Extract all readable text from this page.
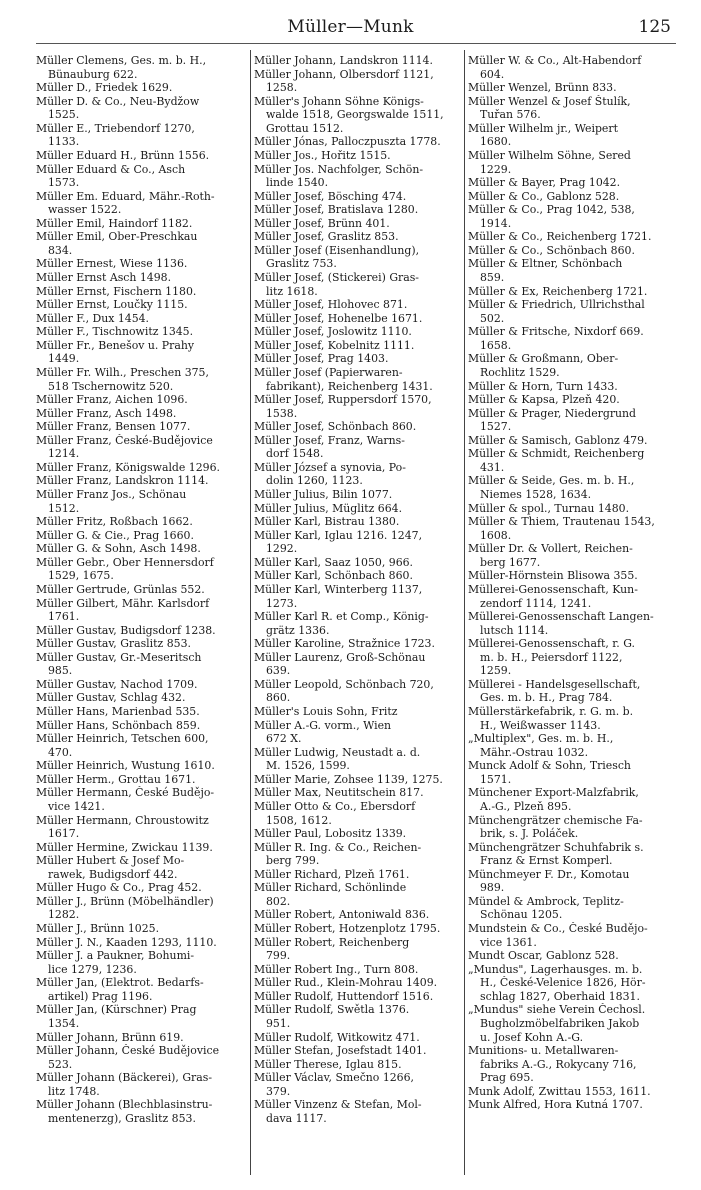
Müller—Munk	125
Müller Clemens, Ges. m. b. H.,
Bünauburg 622.
Müller D., Friedek 1629.
Müller D. & Co., Neu-Bydžow
1525.
Müller E., Triebendorf 1270,
1133.
Müller Eduard H., Brünn 1556.
Müller Eduard & Co., Asch
1573.
Müller Em. Eduard, Mähr.-Roth-
wasser 1522.
Müller Emil, Haindorf 1182.
Müller Emil, Ober-Preschkau
834.
Müller Ernest, Wiese 1136.
Müller Ernst Asch 1498.
Müller Ernst, Fischern 1180.
Müller Ernst, Loučky 1115.
Müller F., Dux 1454.
Müller F., Tischnowitz 1345.
Müller Fr., Benešov u. Prahy
1449.
Müller Fr. Wilh., Preschen 375,
518 Tschernowitz 520.
Müller Franz, Aichen 1096.
Müller Franz, Asch 1498.
Müller Franz, Bensen 1077.
Müller Franz, České-Budějovice
1214.
Müller Franz, Königswalde 1296.
Müller Franz, Landskron 1114.
Müller Franz Jos., Schönau
1512.
Müller Fritz, Roßbach 1662.
Müller G. & Cie., Prag 1660.
Müller G. & Sohn, Asch 1498.
Müller Gebr., Ober Hennersdorf
1529, 1675.
Müller Gertrude, Grünlas 552.
Müller Gilbert, Mähr. Karlsdorf
1761.
Müller Gustav, Budigsdorf 1238.
Müller Gustav, Graslitz 853.
Müller Gustav, Gr.-Meseritsch
985.
Müller Gustav, Nachod 1709.
Müller Gustav, Schlag 432.
Müller Hans, Marienbad 535.
Müller Hans, Schönbach 859.
Müller Heinrich, Tetschen 600,
470.
Müller Heinrich, Wustung 1610.
Müller Herm., Grottau 1671.
Müller Hermann, České Budějo-
vice 1421.
Müller Hermann, Chroustowitz
1617.
Müller Hermine, Zwickau 1139.
Müller Hubert & Josef Mo-
rawek, Budigsdorf 442.
Müller Hugo & Co., Prag 452.
Müller J., Brünn (Möbelhändler)
1282.
Müller J., Brünn 1025.
Müller J. N., Kaaden 1293, 1110.
Müller J. a Paukner, Bohumi-
lice 1279, 1236.
Müller Jan, (Elektrot. Bedarfs-
artikel) Prag 1196.
Müller Jan, (Kürschner) Prag
1354.
Müller Johann, Brünn 619.
Müller Johann, České Budějovice
523.
Müller Johann (Bäckerei), Gras-
litz 1748.
Müller Johann (Blechblasinstru-
mentenerzg), Graslitz 853.
Müller Johann, Landskron 1114.
Müller Johann, Olbersdorf 1121,
1258.
Müller's Johann Söhne Königs-
walde 1518, Georgswalde 1511,
Grottau 1512.
Müller Jónas, Palloczpuszta 1778.
Müller Jos., Hořitz 1515.
Müller Jos. Nachfolger, Schön-
linde 1540.
Müller Josef, Bösching 474.
Müller Josef, Bratislava 1280.
Müller Josef, Brünn 401.
Müller Josef, Graslitz 853.
Müller Josef (Eisenhandlung),
Graslitz 753.
Müller Josef, (Stickerei) Gras-
litz 1618.
Müller Josef, Hlohovec 871.
Müller Josef, Hohenelbe 1671.
Müller Josef, Joslowitz 1110.
Müller Josef, Kobelnitz 1111.
Müller Josef, Prag 1403.
Müller Josef (Papierwaren-
fabrikant), Reichenberg 1431.
Müller Josef, Ruppersdorf 1570,
1538.
Müller Josef, Schönbach 860.
Müller Josef, Franz, Warns-
dorf 1548.
Müller József a synovia, Po-
dolin 1260, 1123.
Müller Julius, Bilin 1077.
Müller Julius, Müglitz 664.
Müller Karl, Bistrau 1380.
Müller Karl, Iglau 1216. 1247,
1292.
Müller Karl, Saaz 1050, 966.
Müller Karl, Schönbach 860.
Müller Karl, Winterberg 1137,
1273.
Müller Karl R. et Comp., König-
grätz 1336.
Müller Karoline, Stražnice 1723.
Müller Laurenz, Groß-Schönau
639.
Müller Leopold, Schönbach 720,
860.
Müller's Louis Sohn, Fritz
Müller A.-G. vorm., Wien
672 X.
Müller Ludwig, Neustadt a. d.
M. 1526, 1599.
Müller Marie, Zohsee 1139, 1275.
Müller Max, Neutitschein 817.
Müller Otto & Co., Ebersdorf
1508, 1612.
Müller Paul, Lobositz 1339.
Müller R. Ing. & Co., Reichen-
berg 799.
Müller Richard, Plzeň 1761.
Müller Richard, Schönlinde
802.
Müller Robert, Antoniwald 836.
Müller Robert, Hotzenplotz 1795.
Müller Robert, Reichenberg
799.
Müller Robert Ing., Turn 808.
Müller Rud., Klein-Mohrau 1409.
Müller Rudolf, Huttendorf 1516.
Müller Rudolf, Swětla 1376.
951.
Müller Rudolf, Witkowitz 471.
Müller Stefan, Josefstadt 1401.
Müller Therese, Iglau 815.
Müller Václav, Smečno 1266,
379.
Müller Vinzenz & Stefan, Mol-
dava 1117.
Müller W. & Co., Alt-Habendorf
604.
Müller Wenzel, Brünn 833.
Müller Wenzel & Josef Štulík,
Tuřan 576.
Müller Wilhelm jr., Weipert
1680.
Müller Wilhelm Söhne, Sered
1229.
Müller & Bayer, Prag 1042.
Müller & Co., Gablonz 528.
Müller & Co., Prag 1042, 538,
1914.
Müller & Co., Reichenberg 1721.
Müller & Co., Schönbach 860.
Müller & Eltner, Schönbach
859.
Müller & Ex, Reichenberg 1721.
Müller & Friedrich, Ullrichsthal
502.
Müller & Fritsche, Nixdorf 669.
1658.
Müller & Großmann, Ober-
Rochlitz 1529.
Müller & Horn, Turn 1433.
Müller & Kapsa, Plzeň 420.
Müller & Prager, Niedergrund
1527.
Müller & Samisch, Gablonz 479.
Müller & Schmidt, Reichenberg
431.
Müller & Seide, Ges. m. b. H.,
Niemes 1528, 1634.
Müller & spol., Turnau 1480.
Müller & Thiem, Trautenau 1543,
1608.
Müller Dr. & Vollert, Reichen-
berg 1677.
Müller-Hörnstein Blisowa 355.
Müllerei-Genossenschaft, Kun-
zendorf 1114, 1241.
Müllerei-Genossenschaft Langen-
lutsch 1114.
Müllerei-Genossenschaft, r. G.
m. b. H., Peiersdorf 1122,
1259.
Müllerei - Handelsgesellschaft,
Ges. m. b. H., Prag 784.
Müllerstärkefabrik, r. G. m. b.
H., Weißwasser 1143.
„Multiplex", Ges. m. b. H.,
Mähr.-Ostrau 1032.
Munck Adolf & Sohn, Triesch
1571.
Münchener Export-Malzfabrik,
A.-G., Plzeň 895.
Münchengrätzer chemische Fa-
brik, s. J. Poláček.
Münchengrätzer Schuhfabrik s.
Franz & Ernst Komperl.
Münchmeyer F. Dr., Komotau
989.
Mündel & Ambrock, Teplitz-
Schönau 1205.
Mundstein & Co., České Budějo-
vice 1361.
Mundt Oscar, Gablonz 528.
„Mundus", Lagerhausges. m. b.
H., České-Velenice 1826, Hör-
schlag 1827, Oberhaid 1831.
„Mundus" siehe Verein Čechosl.
Bugholzmöbelfabriken Jakob
u. Josef Kohn A.-G.
Munitions- u. Metallwaren-
fabriks A.-G., Rokycany 716,
Prag 695.
Munk Adolf, Zwittau 1553, 1611.
Munk Alfred, Hora Kutná 1707.
